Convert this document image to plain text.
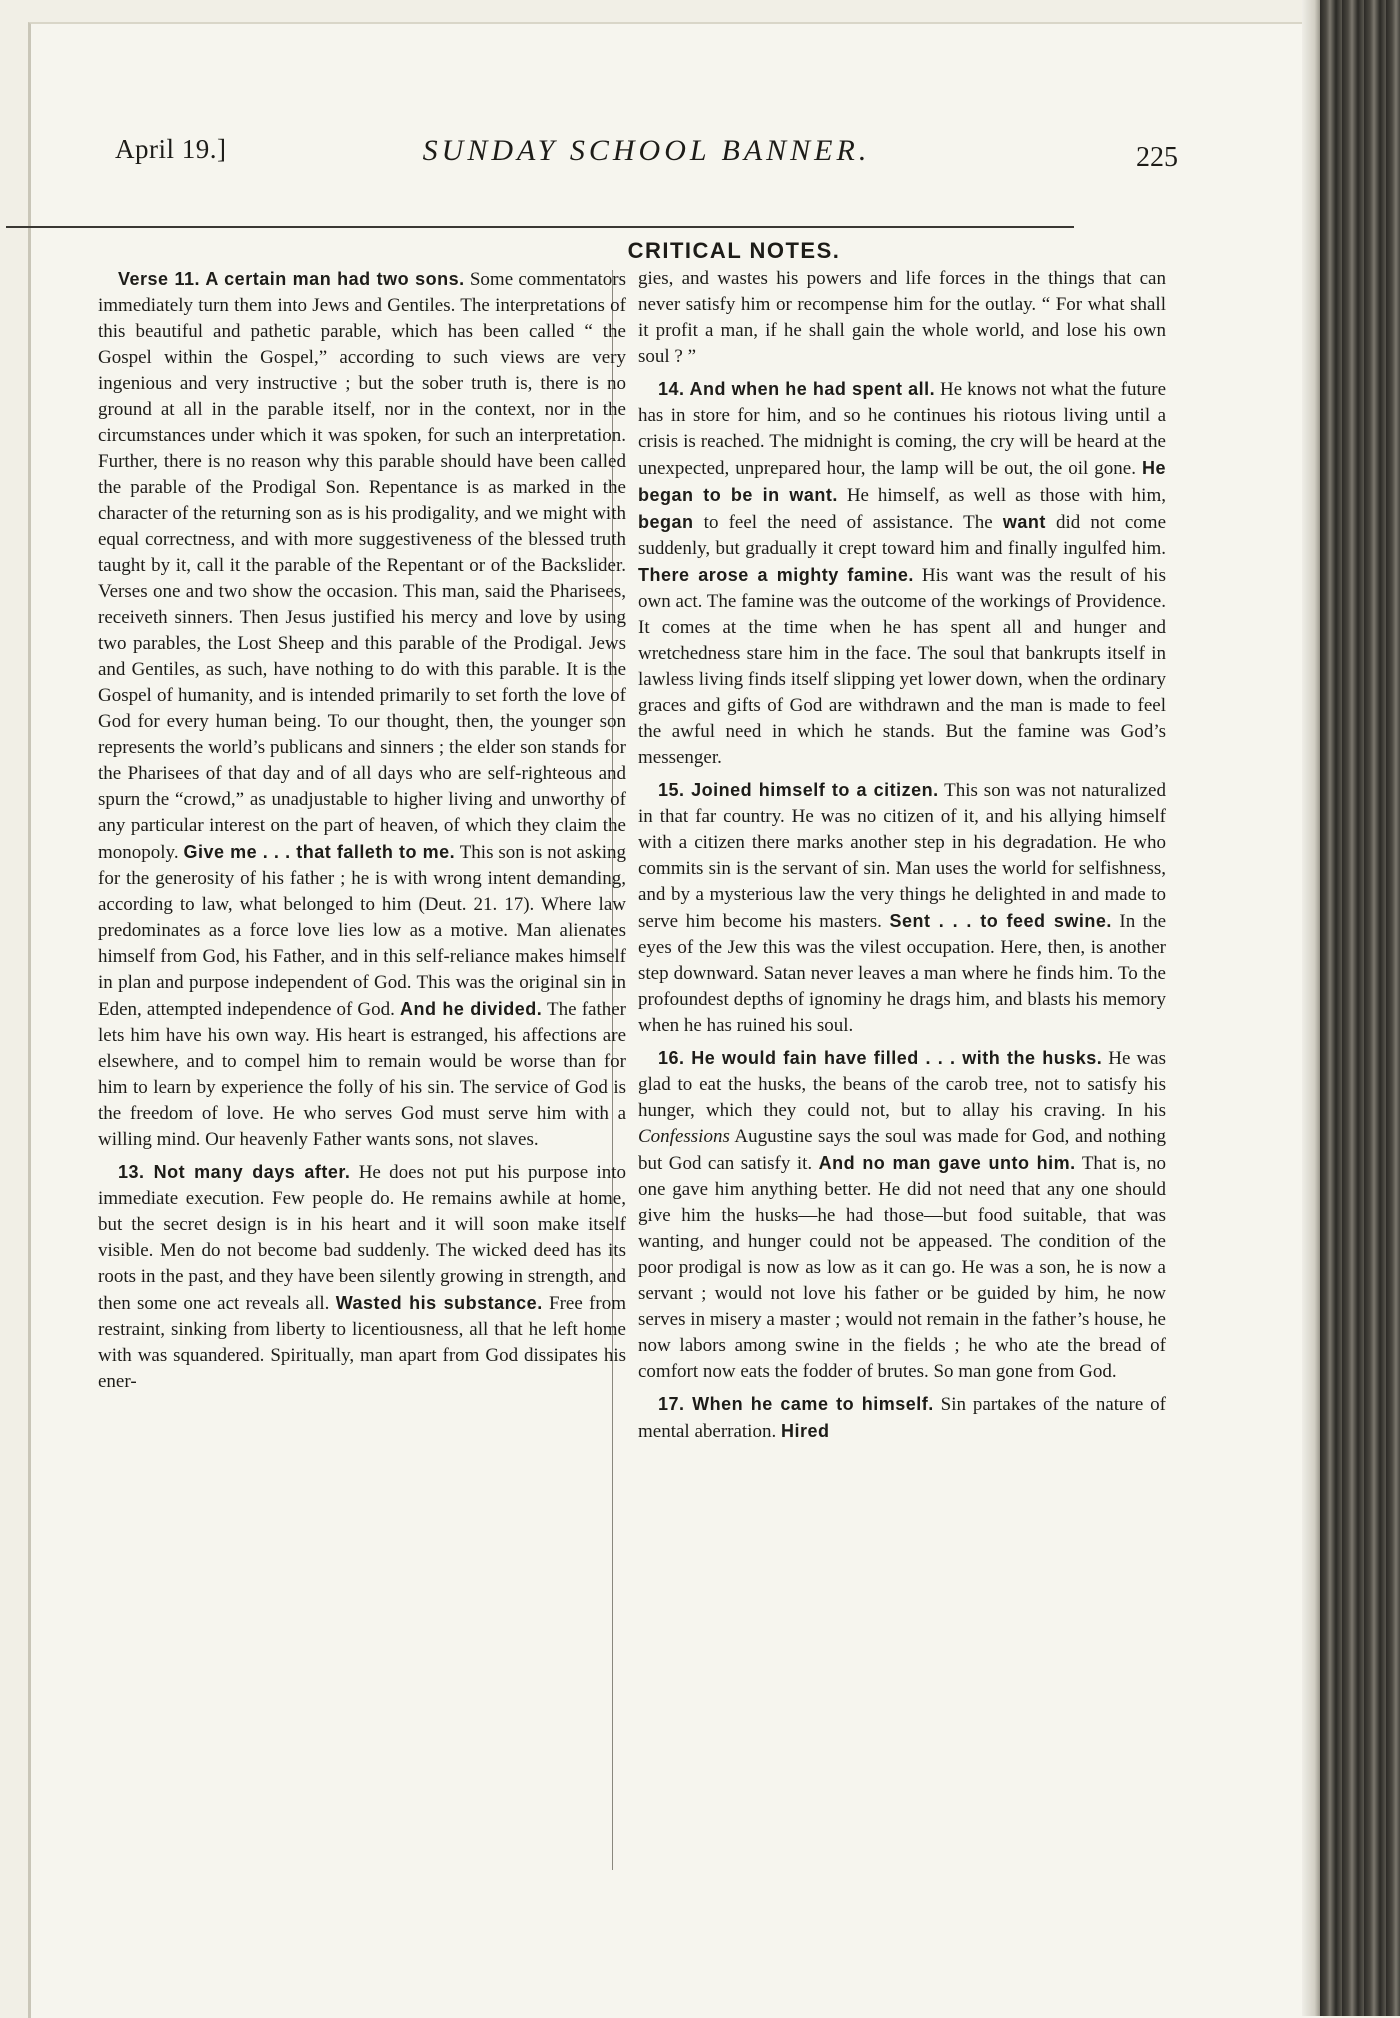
April 19.]	SUNDAY SCHOOL BANNER.	225
CRITICAL NOTES.

Verse 11. A certain man had two sons. Some commentators immediately turn them into Jews and Gentiles. The interpretations of this beautiful and pathetic parable, which has been called “ the Gospel within the Gospel,” according to such views are very ingenious and very instructive ; but the sober truth is, there is no ground at all in the parable itself, nor in the context, nor in the circumstances under which it was spoken, for such an interpretation. Further, there is no reason why this parable should have been called the parable of the Prodigal Son. Repentance is as marked in the character of the returning son as is his prodigality, and we might with equal correctness, and with more suggestiveness of the blessed truth taught by it, call it the parable of the Repentant or of the Backslider. Verses one and two show the occasion. This man, said the Pharisees, receiveth sinners. Then Jesus justified his mercy and love by using two parables, the Lost Sheep and this parable of the Prodigal. Jews and Gentiles, as such, have nothing to do with this parable. It is the Gospel of humanity, and is intended primarily to set forth the love of God for every human being. To our thought, then, the younger son represents the world’s publicans and sinners ; the elder son stands for the Pharisees of that day and of all days who are self-righteous and spurn the “crowd,” as unadjustable to higher living and unworthy of any particular interest on the part of heaven, of which they claim the monopoly. Give me . . . that falleth to me. This son is not asking for the generosity of his father ; he is with wrong intent demanding, according to law, what belonged to him (Deut. 21. 17). Where law predominates as a force love lies low as a motive. Man alienates himself from God, his Father, and in this self-reliance makes himself in plan and purpose independent of God. This was the original sin in Eden, attempted independence of God. And he divided. The father lets him have his own way. His heart is estranged, his affections are elsewhere, and to compel him to remain would be worse than for him to learn by experience the folly of his sin. The service of God is the freedom of love. He who serves God must serve him with a willing mind. Our heavenly Father wants sons, not slaves.

13. Not many days after. He does not put his purpose into immediate execution. Few people do. He remains awhile at home, but the secret design is in his heart and it will soon make itself visible. Men do not become bad suddenly. The wicked deed has its roots in the past, and they have been silently growing in strength, and then some one act reveals all. Wasted his substance. Free from restraint, sinking from liberty to licentiousness, all that he left home with was squandered. Spiritually, man apart from God dissipates his ener-

gies, and wastes his powers and life forces in the things that can never satisfy him or recompense him for the outlay. “ For what shall it profit a man, if he shall gain the whole world, and lose his own soul ? ”

14. And when he had spent all. He knows not what the future has in store for him, and so he continues his riotous living until a crisis is reached. The midnight is coming, the cry will be heard at the unexpected, unprepared hour, the lamp will be out, the oil gone. He began to be in want. He himself, as well as those with him, began to feel the need of assistance. The want did not come suddenly, but gradually it crept toward him and finally ingulfed him. There arose a mighty famine. His want was the result of his own act. The famine was the outcome of the workings of Providence. It comes at the time when he has spent all and hunger and wretchedness stare him in the face. The soul that bankrupts itself in lawless living finds itself slipping yet lower down, when the ordinary graces and gifts of God are withdrawn and the man is made to feel the awful need in which he stands. But the famine was God’s messenger.

15. Joined himself to a citizen. This son was not naturalized in that far country. He was no citizen of it, and his allying himself with a citizen there marks another step in his degradation. He who commits sin is the servant of sin. Man uses the world for selfishness, and by a mysterious law the very things he delighted in and made to serve him become his masters. Sent . . . to feed swine. In the eyes of the Jew this was the vilest occupation. Here, then, is another step downward. Satan never leaves a man where he finds him. To the profoundest depths of ignominy he drags him, and blasts his memory when he has ruined his soul.

16. He would fain have filled . . . with the husks. He was glad to eat the husks, the beans of the carob tree, not to satisfy his hunger, which they could not, but to allay his craving. In his Confessions Augustine says the soul was made for God, and nothing but God can satisfy it. And no man gave unto him. That is, no one gave him anything better. He did not need that any one should give him the husks—he had those—but food suitable, that was wanting, and hunger could not be appeased. The condition of the poor prodigal is now as low as it can go. He was a son, he is now a servant ; would not love his father or be guided by him, he now serves in misery a master ; would not remain in the father’s house, he now labors among swine in the fields ; he who ate the bread of comfort now eats the fodder of brutes. So man gone from God.

17. When he came to himself. Sin partakes of the nature of mental aberration. Hired
